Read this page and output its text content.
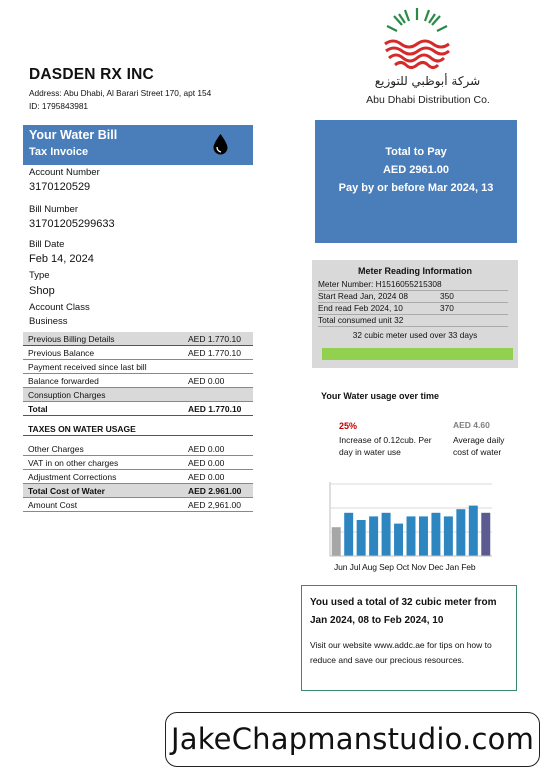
DASDEN RX INC
Address: Abu Dhabi, Al Barari Street 170, apt 154
ID: 1795843981
شركة أبوظبي للتوزيع
Abu Dhabi Distribution Co.
Your Water Bill
Tax Invoice
Account Number
3170120529
Bill Number
31701205299633
Bill Date
Feb 14, 2024
Type
Shop
Account Class
Business
Previous Billing Details	AED 1.770.10
Previous Balance	AED 1.770.10
Payment received since last bill	
Balance forwarded	AED 0.00
Consuption Charges	
Total	AED 1.770.10

TAXES ON WATER USAGE	

Other Charges	AED 0.00
VAT in on other charges	AED 0.00
Adjustment Corrections	AED 0.00
Total Cost of Water	AED 2.961.00
Amount Cost	AED 2,961.00
Total to Pay
AED 2961.00
Pay by or before Mar 2024, 13
Meter Reading Information
Meter Number: H1516055215308
Start Read Jan, 2024 08	350
End read Feb 2024, 10	370
Total consumed unit 32
32 cubic meter used over 33 days
Your Water usage over time
25%
Increase of 0.12cub. Per day in water use
AED 4.60
Average daily cost of water
Jun Jul Aug Sep Oct Nov Dec Jan Feb
You used a total of 32 cubic meter from Jan 2024, 08 to Feb 2024, 10
Visit our website www.addc.ae for tips on how to reduce and save our precious resources.
JakeChapmanstudio.com
